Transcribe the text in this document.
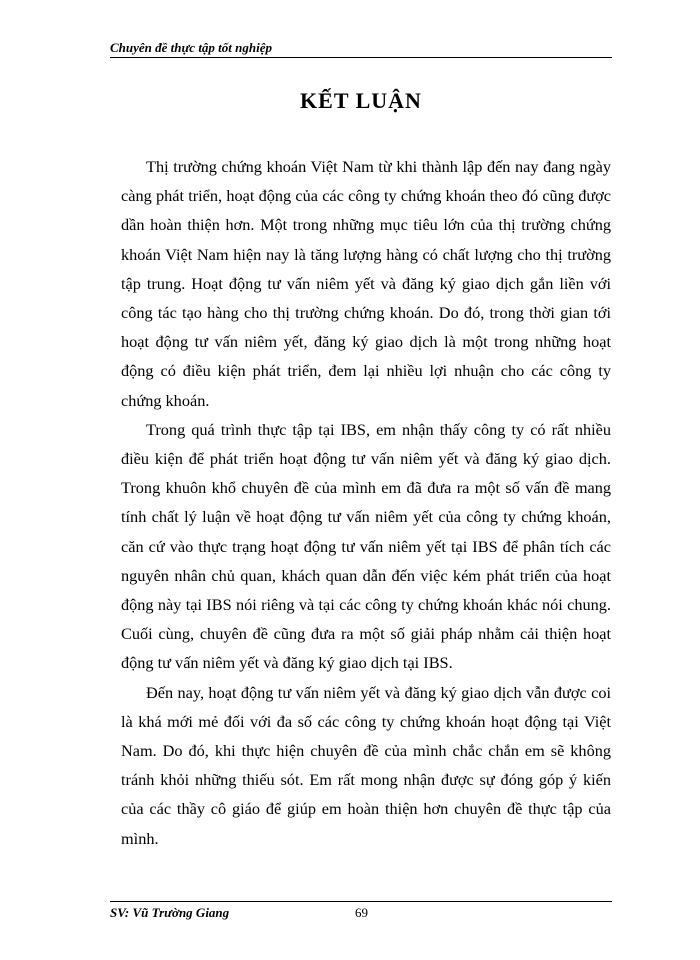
Chuyên đề thực tập tốt nghiệp
KẾT LUẬN

Thị trường chứng khoán Việt Nam từ khi thành lập đến nay đang ngày càng phát triển, hoạt động của các công ty chứng khoán theo đó cũng được dần hoàn thiện hơn. Một trong những mục tiêu lớn của thị trường chứng khoán Việt Nam hiện nay là tăng lượng hàng có chất lượng cho thị trường tập trung. Hoạt động tư vấn niêm yết và đăng ký giao dịch gắn liền với công tác tạo hàng cho thị trường chứng khoán. Do đó, trong thời gian tới hoạt động tư vấn niêm yết, đăng ký giao dịch là một trong những hoạt động có điều kiện phát triển, đem lại nhiều lợi nhuận cho các công ty chứng khoán.

Trong quá trình thực tập tại IBS, em nhận thấy công ty có rất nhiều điều kiện để phát triển hoạt động tư vấn niêm yết và đăng ký giao dịch. Trong khuôn khổ chuyên đề của mình em đã đưa ra một số vấn đề mang tính chất lý luận về hoạt động tư vấn niêm yết của công ty chứng khoán, căn cứ vào thực trạng hoạt động tư vấn niêm yết tại IBS để phân tích các nguyên nhân chủ quan, khách quan dẫn đến việc kém phát triển của hoạt động này tại IBS nói riêng và tại các công ty chứng khoán khác nói chung. Cuối cùng, chuyên đề cũng đưa ra một số giải pháp nhằm cải thiện hoạt động tư vấn niêm yết và đăng ký giao dịch tại IBS.

Đến nay, hoạt động tư vấn niêm yết và đăng ký giao dịch vẫn được coi là khá mới mẻ đối với đa số các công ty chứng khoán hoạt động tại Việt Nam. Do đó, khi thực hiện chuyên đề của mình chắc chắn em sẽ không tránh khỏi những thiếu sót. Em rất mong nhận được sự đóng góp ý kiến của các thầy cô giáo để giúp em hoàn thiện hơn chuyên đề thực tập của mình.

SV: Vũ Trường Giang	69
